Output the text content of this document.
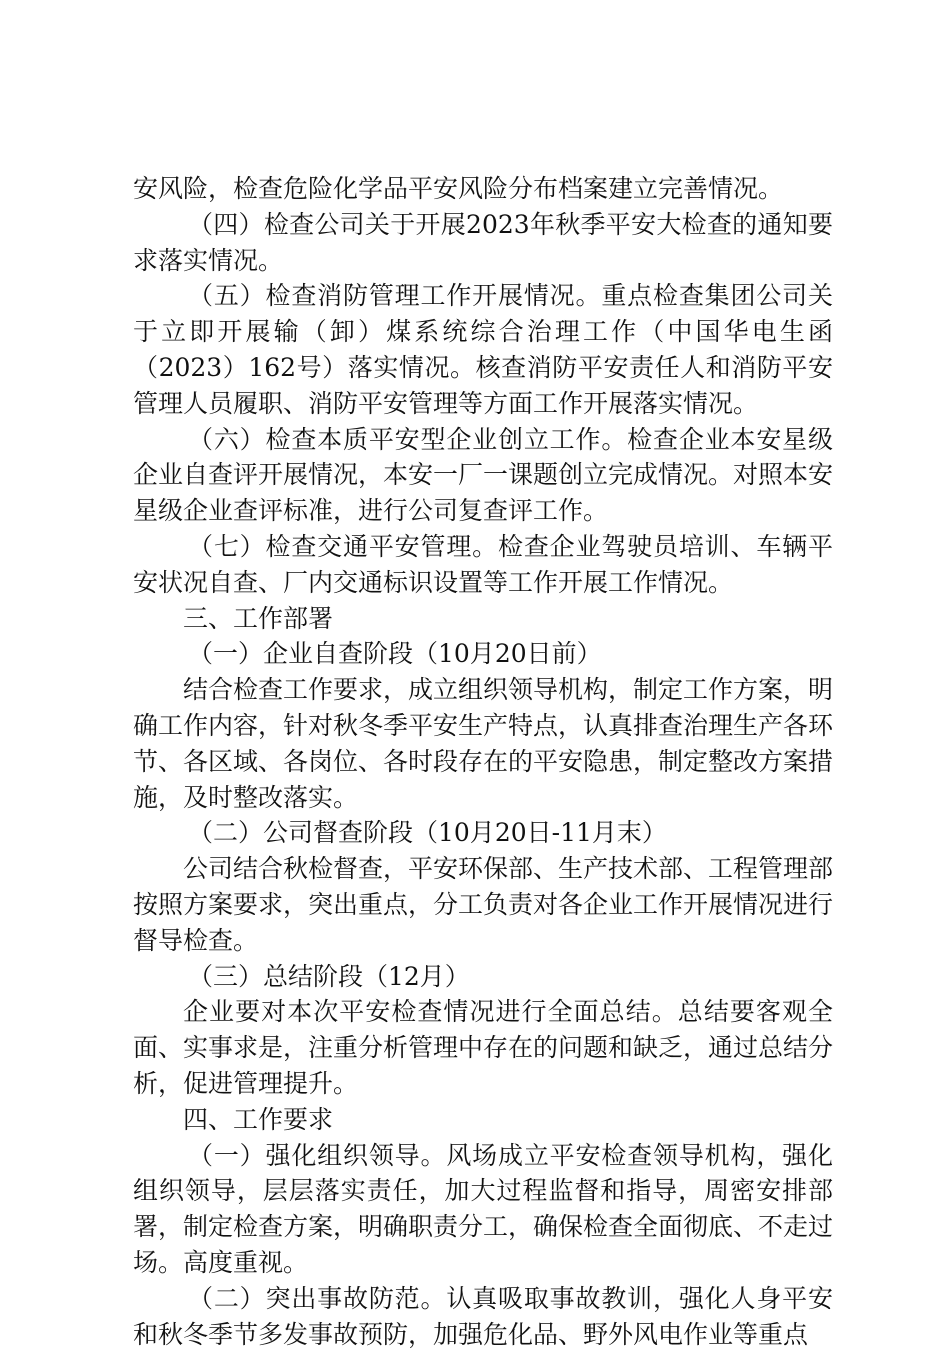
安风险，检查危险化学品平安风险分布档案建立完善情况。

（四）检查公司关于开展2023年秋季平安大检查的通知要求落实情况。

（五）检查消防管理工作开展情况。重点检查集团公司关于立即开展输（卸）煤系统综合治理工作（中国华电生函（2023）162号）落实情况。核查消防平安责任人和消防平安管理人员履职、消防平安管理等方面工作开展落实情况。

（六）检查本质平安型企业创立工作。检查企业本安星级企业自查评开展情况，本安一厂一课题创立完成情况。对照本安星级企业查评标准，进行公司复查评工作。

（七）检查交通平安管理。检查企业驾驶员培训、车辆平安状况自查、厂内交通标识设置等工作开展工作情况。

三、工作部署

（一）企业自查阶段（10月20日前）

结合检查工作要求，成立组织领导机构，制定工作方案，明确工作内容，针对秋冬季平安生产特点，认真排查治理生产各环节、各区域、各岗位、各时段存在的平安隐患，制定整改方案措施，及时整改落实。

（二）公司督查阶段（10月20日-11月末）

公司结合秋检督查，平安环保部、生产技术部、工程管理部按照方案要求，突出重点，分工负责对各企业工作开展情况进行督导检查。

（三）总结阶段（12月）

企业要对本次平安检查情况进行全面总结。总结要客观全面、实事求是，注重分析管理中存在的问题和缺乏，通过总结分析，促进管理提升。

四、工作要求

（一）强化组织领导。风场成立平安检查领导机构，强化组织领导，层层落实责任，加大过程监督和指导，周密安排部署，制定检查方案，明确职责分工，确保检查全面彻底、不走过场。高度重视。

（二）突出事故防范。认真吸取事故教训，强化人身平安和秋冬季节多发事故预防，加强危化品、野外风电作业等重点
